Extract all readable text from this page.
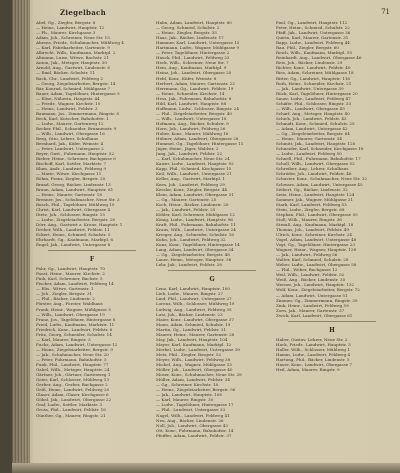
Ziegelbach	71
Abel, Gg., Ziegler, Bergstr. 8
— Heinr., Landwirt, Hauptstr. 12
— Ph., Maurer, Kirchgasse 3
Adam, Joh., Schreiner, Neue Str. 15
Ahrens, Friedr., Schuhmacher, Mühlweg 4
— Karl, Fabrikarbeiter, Gartenstr. 9
Albrecht, Wilh., Kaufmann, Marktpl. 2
Altmann, Luise, Witwe, Bachstr. 21
Anton, Jak., Metzger, Hauptstr. 30
Arnold, Aug., Gastwirt, Lindenstr. 6
— Emil, Bäcker, Schulstr. 11
Bach, Chr., Landwirt, Feldweg 2
— Georg, Ziegeleiarbeiter, Bergstr. 14
Bär, Konrad, Schmied, Mühlgasse 7
Bauer, Adam, Tagelöhner, Hintergasse 5
— Elise, Näherin, Hauptstr. 44
— Friedr., Wagner, Kirchstr. 10
— Heinr., Landwirt, Feldstr. 3
Baumann, Jos., Zimmermann, Ringstr. 8
Beck, Karl, Kutscher, Bahnhofstr. 1
— Ludw., Maurer, Gartenweg 12
Becker, Phil., Schneider, Brunnenstr. 9
— Wilh., Landwirt, Obergasse 16
Berg, Otto, Lehrer, Schulhaus
Bernhard, Jak., Küfer, Weinstr. 4
— Peter, Landwirt, Untergasse 2
Beyer, Gust., Fuhrmann, Hauptstr. 52
Bieber, Heinr., Schreiner, Bachgasse 6
Bischoff, Karl, Sattler, Marktstr. 7
Blum, Andr., Landwirt, Feldweg 9
— Marie, Witwe, Kirchgasse 11
Böhm, Franz, Ziegler, Bergstr. 20
Brand, Georg, Bäcker, Lindenstr. 13
Braun, Adam, Landwirt, Hauptstr. 61
— Heinr., Maurer, Gartenstr. 18
Brenner, Jos., Schuhmacher, Neue Str. 3
Busch, Phil., Tagelöhner, Mühlweg 10
Christ, Karl, Landwirt, Obergasse 4
Dietz, Joh., Schlosser, Ringstr. 15
— Ludw., Ziegeleiarbeiter, Bergstr. 26
Dörr, Aug., Gastwirt z. Krone, Hauptstr. 1
Dreher, Wilh., Landwirt, Feldstr. 11
Eckert, Heinr., Schmied, Schulstr. 5
Ehrhardt, Gg., Kaufmann, Marktpl. 6
Engel, Jak., Landwirt, Untergasse 8
F
Fahr, Gg., Landwirt, Hauptstr. 70
Faust, Heinr., Maurer, Kirchstr. 2
Fink, Karl, Schreiner, Bachstr. 5
Fischer, Adam, Landwirt, Feldweg 14
— Elis., Witwe, Gartenstr. 1
— Joh., Ziegler, Bergstr. 31
— Phil., Bäcker, Lindenstr. 2
Förster, Aug., Förster, Waldhaus
Frank, Heinr., Wagner, Mühlgasse 3
— Wilh., Landwirt, Obergasse 19
Franz, Jos., Tagelöhner, Hintergasse 8
Fried, Ludw., Kaufmann, Marktstr. 11
Friedrich, Konr., Landwirt, Feldstr. 6
Fritz, Georg, Schneider, Schulstr. 14
— Karl, Maurer, Ringstr. 3
Fuchs, Adam, Landwirt, Untergasse 12
— Heinr., Ziegeleiarbeiter, Bergstr. 9
— Jak., Schuhmacher, Neue Str. 20
— Peter, Fuhrmann, Bahnhofstr. 5
Funk, Phil., Landwirt, Hauptstr. 77
Gabel, Wilh., Metzger, Hauptstr. 24
Gärtner, Joh., Gärtner, Gartenweg 1
Geier, Karl, Schlosser, Mühlweg 13
Gerber, Aug., Gerber, Bachgasse 2
Geiß, Heinr., Landwirt, Feldweg 20
Glaser, Adam, Glaser, Kirchgasse 6
Göbel, Jak., Landwirt, Obergasse 22
Graf, Ludw., Sattler, Marktstr. 3
Gross, Phil., Landwirt, Feldstr. 16
Günther, Gg., Maurer, Ringstr. 21
Hahn, Adam, Landwirt, Hauptstr. 80
— Georg, Schmied, Schulstr. 2
— Heinr., Ziegler, Bergstr. 35
Haas, Jak., Bäcker, Lindenstr. 17
Hammer, Karl, Landwirt, Untergasse 15
Hartmann, Ludw., Wagner, Mühlgasse 9
— Peter, Tagelöhner, Hintergasse 2
Hauck, Phil., Landwirt, Feldweg 23
Heck, Wilh., Schreiner, Neue Str. 7
Hein, Aug., Kaufmann, Marktpl. 9
Heinz, Joh., Landwirt, Obergasse 25
Held, Konr., Küfer, Weinstr. 8
Herbert, Adam, Maurer, Gartenstr. 22
Herrmann, Gg., Landwirt, Feldstr. 19
— Heinr., Schneider, Kirchstr. 14
Hess, Jak., Fuhrmann, Bahnhofstr. 8
Hild, Karl, Landwirt, Hauptstr. 88
Hoffmann, Ludw., Schlosser, Ringstr. 24
— Phil., Ziegeleiarbeiter, Bergstr. 40
— Wilh., Landwirt, Untergasse 18
Hofmann, Aug., Bäcker, Schulstr. 9
Horn, Joh., Landwirt, Feldweg 26
Huber, Konr., Maurer, Mühlweg 16
Hübner, Adam, Landwirt, Obergasse 28
Hummel, Gg., Tagelöhner, Hintergasse 11
Jäger, Heinr., Jäger, Waldstr. 2
Jung, Jak., Landwirt, Feldstr. 22
— Karl, Schuhmacher, Neue Str. 24
Kaiser, Ludw., Landwirt, Hauptstr. 92
Kapp, Phil., Schmied, Kirchgasse 15
Keil, Wilh., Landwirt, Untergasse 21
Keller, Aug., Gastwirt, Marktpl. 1
Kern, Joh., Landwirt, Feldweg 29
Kessler, Konr., Ziegler, Bergstr. 44
Klein, Adam, Landwirt, Obergasse 31
— Gg., Maurer, Gartenstr. 25
Koch, Heinr., Bäcker, Lindenstr. 20
— Jak., Landwirt, Feldstr. 25
Köhler, Karl, Schreiner, Mühlgasse 12
König, Ludw., Landwirt, Hauptstr. 96
Kraft, Phil., Fuhrmann, Bahnhofstr. 11
Kraus, Wilh., Landwirt, Untergasse 24
Krieger, Aug., Schneider, Schulstr. 16
Kuhn, Joh., Landwirt, Feldweg 32
Kunz, Konr., Tagelöhner, Hintergasse 14
Lang, Adam, Landwirt, Obergasse 34
— Gg., Ziegeleiarbeiter, Bergstr. 48
Lauer, Heinr., Metzger, Hauptstr. 36
Lehr, Jak., Landwirt, Feldstr. 28
G
Lenz, Karl, Landwirt, Hauptstr. 100
Lieb, Ludw., Maurer, Ringstr. 27
Lind, Phil., Landwirt, Untergasse 27
Lorenz, Wilh., Schlosser, Mühlweg 19
Ludwig, Aug., Landwirt, Feldweg 35
Lutz, Joh., Bäcker, Lindenstr. 23
Maier, Konr., Landwirt, Obergasse 37
Mann, Adam, Schmied, Schulstr. 19
Martin, Gg., Landwirt, Feldstr. 31
Maurer, Heinr., Maurer, Gartenstr. 28
May, Jak., Landwirt, Hauptstr. 104
Mayer, Karl, Kaufmann, Marktpl. 12
Merkel, Ludw., Landwirt, Untergasse 30
Metz, Phil., Ziegler, Bergstr. 52
Meyer, Wilh., Landwirt, Feldweg 38
Michel, Aug., Wagner, Mühlgasse 15
Möller, Joh., Landwirt, Obergasse 40
Moser, Konr., Schuhmacher, Neue Str. 28
Müller, Adam, Landwirt, Feldstr. 34
— Gg., Schreiner, Kirchstr. 18
— Heinr., Ziegeleiarbeiter, Bergstr. 56
— Jak., Landwirt, Hauptstr. 108
— Karl, Maurer, Ringstr. 30
— Ludw., Tagelöhner, Hintergasse 17
— Phil., Landwirt, Untergasse 33
Nagel, Wilh., Landwirt, Feldweg 41
Neu, Aug., Bäcker, Lindenstr. 26
Noll, Joh., Landwirt, Obergasse 43
Ott, Konr., Fuhrmann, Bahnhofstr. 14
Pfeiffer, Adam, Landwirt, Feldstr. 37
Paul, Gg., Landwirt, Hauptstr. 112
Peter, Heinr., Schmied, Schulstr. 22
Pfaff, Jak., Landwirt, Untergasse 36
Quirin, Karl, Maurer, Gartenstr. 31
Rapp, Ludw., Landwirt, Feldweg 44
Rau, Phil., Ziegler, Bergstr. 60
Reich, Wilh., Kaufmann, Marktpl. 15
Reinhardt, Aug., Landwirt, Obergasse 46
Reis, Joh., Bäcker, Lindenstr. 29
Richter, Konr., Landwirt, Feldstr. 40
Ries, Adam, Schreiner, Mühlgasse 18
Ritter, Gg., Landwirt, Hauptstr. 116
Roth, Heinr., Schneider, Kirchstr. 21
— Jak., Landwirt, Untergasse 39
Rück, Karl, Tagelöhner, Hintergasse 20
Sauer, Ludw., Landwirt, Feldweg 47
Schäfer, Phil., Schlosser, Ringstr. 33
— Wilh., Landwirt, Obergasse 49
Scharf, Aug., Metzger, Hauptstr. 40
Schick, Joh., Landwirt, Feldstr. 43
Schmidt, Konr., Schmied, Schulstr. 25
— Adam, Landwirt, Untergasse 42
— Gg., Ziegeleiarbeiter, Bergstr. 64
— Heinr., Maurer, Gartenstr. 34
Schmitt, Jak., Landwirt, Hauptstr. 120
Schneider, Karl, Schneider, Kirchgasse 18
— Ludw., Landwirt, Feldweg 50
Schnell, Phil., Fuhrmann, Bahnhofstr. 17
Scholl, Wilh., Landwirt, Obergasse 52
Schreiber, Aug., Lehrer, Schulhaus
Schröder, Joh., Landwirt, Feldstr. 46
Schuster, Konr., Schuhmacher, Neue Str. 32
Schwarz, Adam, Landwirt, Untergasse 45
Seibert, Gg., Bäcker, Lindenstr. 32
Seitz, Heinr., Landwirt, Hauptstr. 124
Sommer, Jak., Wagner, Mühlgasse 21
Stark, Karl, Landwirt, Feldweg 53
Stein, Ludw., Ziegler, Bergstr. 68
Stephan, Phil., Landwirt, Obergasse 55
Stoll, Wilh., Maurer, Ringstr. 36
Strauß, Aug., Kaufmann, Marktpl. 18
Thomas, Joh., Landwirt, Feldstr. 49
Ulrich, Konr., Schreiner, Kirchstr. 24
Vogel, Adam, Landwirt, Untergasse 48
Vogt, Gg., Tagelöhner, Hintergasse 23
Wagner, Heinr., Wagner, Hauptstr. 128
— Jak., Landwirt, Feldweg 56
Walter, Karl, Schmied, Schulstr. 28
Weber, Ludw., Landwirt, Obergasse 58
— Phil., Weber, Bachgasse 12
Weil, Wilh., Landwirt, Feldstr. 52
Weiß, Aug., Bäcker, Lindenstr. 35
Werner, Joh., Landwirt, Hauptstr. 132
Wolf, Konr., Ziegeleiarbeiter, Bergstr. 72
— Adam, Landwirt, Untergasse 51
Zimmer, Gg., Zimmermann, Ringstr. 39
Zink, Heinr., Landwirt, Feldweg 59
Zorn, Jak., Maurer, Gartenstr. 37
Zwick, Karl, Landwirt, Obergasse 61
H
Haber, Gustav, Lehrer, Neue Str. 2
Hack, Friedr., Landwirt, Hauptstr. 3
Haller, Wilh., Schlosser, Mühlweg 1
Hamm, Ludw., Landwirt, Feldweg 4
Hartung, Phil., Bäcker, Lindenstr. 5
Hauer, Konr., Landwirt, Obergasse 7
Heil, Adam, Maurer, Ringstr. 9
